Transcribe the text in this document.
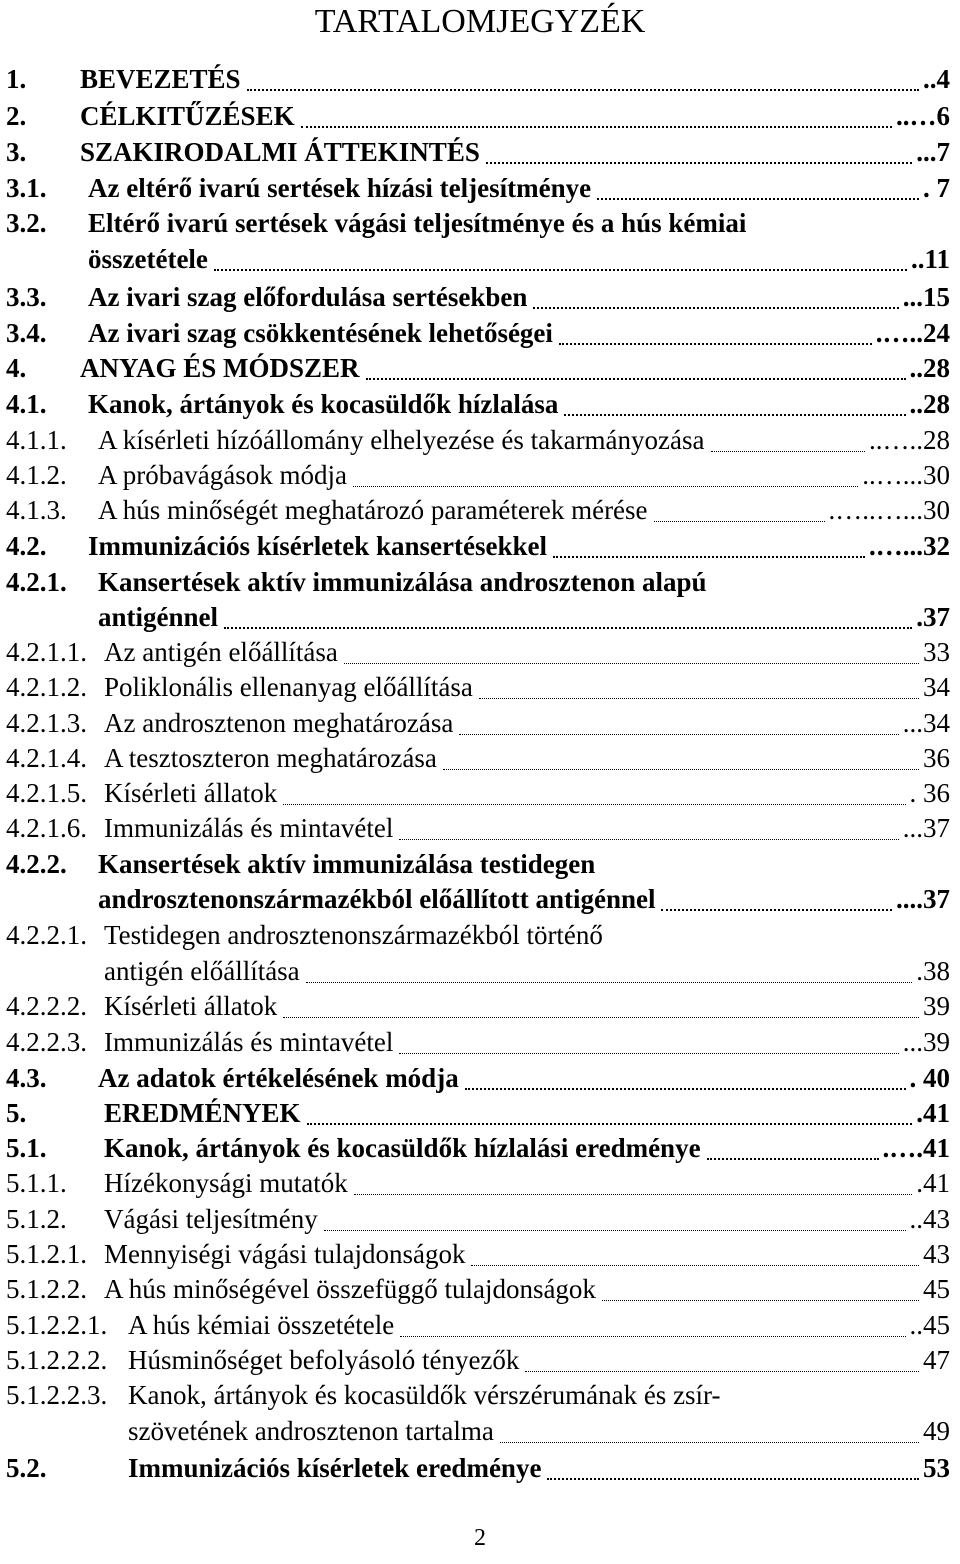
TARTALOMJEGYZÉK
1. BEVEZETÉS	..4
2. CÉLKITŰZÉSEK	..…6
3. SZAKIRODALMI ÁTTEKINTÉS	...7
3.1. Az eltérő ivarú sertések hízási teljesítménye	. 7
3.2. Eltérő ivarú sertések vágási teljesítménye és a hús kémiai
összetétele	..11
3.3. Az ivari szag előfordulása sertésekben	...15
3.4. Az ivari szag csökkentésének lehetőségei	.…..24
4. ANYAG ÉS MÓDSZER	..28
4.1. Kanok, ártányok és kocasüldők hízlalása	..28
4.1.1. A kísérleti hízóállomány elhelyezése és takarmányozása	..…..28
4.1.2. A próbavágások módja	..…...30
4.1.3. A hús minőségét meghatározó paraméterek mérése	.…..…...30
4.2. Immunizációs kísérletek kansertésekkel	.…...32
4.2.1. Kansertések aktív immunizálása androsztenon alapú
antigénnel	.37
4.2.1.1. Az antigén előállítása	33
4.2.1.2. Poliklonális ellenanyag előállítása	34
4.2.1.3. Az androsztenon meghatározása	...34
4.2.1.4. A tesztoszteron meghatározása	36
4.2.1.5. Kísérleti állatok	. 36
4.2.1.6. Immunizálás és mintavétel	...37
4.2.2. Kansertések aktív immunizálása testidegen
androsztenonszármazékból előállított antigénnel	....37
4.2.2.1. Testidegen androsztenonszármazékból történő
antigén előállítása	.38
4.2.2.2. Kísérleti állatok	39
4.2.2.3. Immunizálás és mintavétel	...39
4.3. Az adatok értékelésének módja	. 40
5.	EREDMÉNYEK	.41
5.1. Kanok, ártányok és kocasüldők hízlalási eredménye	.….41
5.1.1. Hízékonysági mutatók	.41
5.1.2. Vágási teljesítmény	..43
5.1.2.1. Mennyiségi vágási tulajdonságok	43
5.1.2.2. A hús minőségével összefüggő tulajdonságok	45
5.1.2.2.1. A hús kémiai összetétele	..45
5.1.2.2.2. Húsminőséget befolyásoló tényezők	47
5.1.2.2.3. Kanok, ártányok és kocasüldők vérszérumának és zsír-
szövetének androsztenon tartalma	49
5.2.	Immunizációs kísérletek eredménye	53
2
